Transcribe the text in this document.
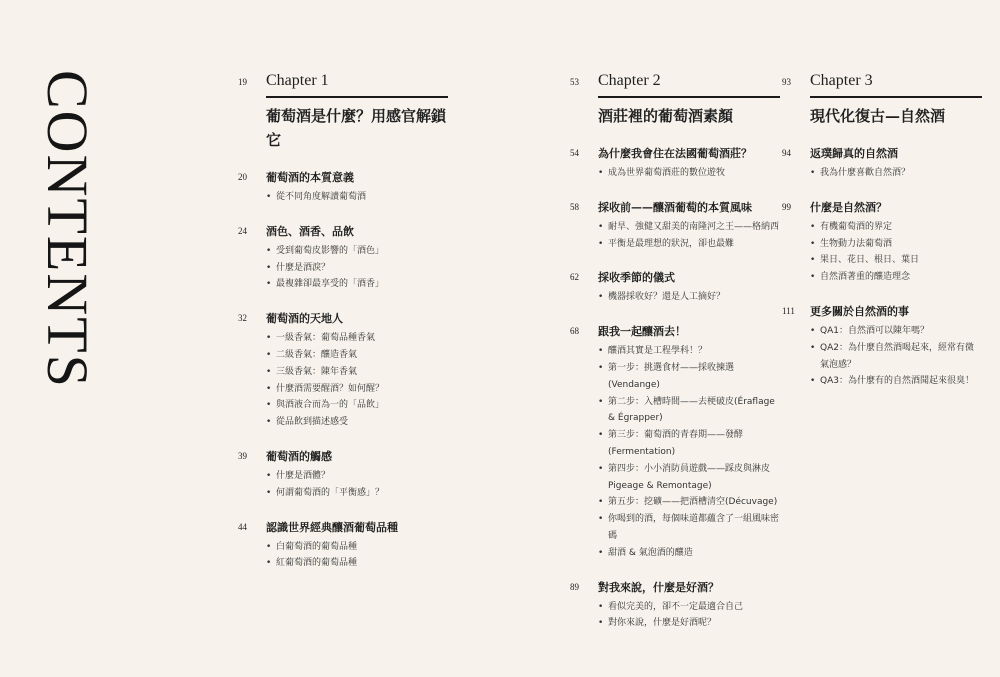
CONTENTS	19	Chapter 1
葡萄酒是什麼？用感官解鎖它
20 葡萄酒的本質意義
• 從不同角度解讀葡萄酒
24 酒色、酒香、品飲
• 受到葡萄皮影響的「酒色」
• 什麼是酒淚？
• 最複雜卻最享受的「酒香」
32 葡萄酒的天地人
• 一級香氣：葡萄品種香氣
• 二級香氣：釀造香氣
• 三級香氣：陳年香氣
• 什麼酒需要醒酒？如何醒？
• 與酒液合而為一的「品飲」
• 從品飲到描述感受
39 葡萄酒的觸感
• 什麼是酒體？
• 何謂葡萄酒的「平衡感」？
44 認識世界經典釀酒葡萄品種
• 白葡萄酒的葡萄品種
• 紅葡萄酒的葡萄品種
53	Chapter 2
酒莊裡的葡萄酒素顏
54 為什麼我會住在法國葡萄酒莊？
• 成為世界葡萄酒莊的數位遊牧
58 採收前——釀酒葡萄的本質風味
• 耐旱、強健又甜美的南隆河之王——格納西
• 平衡是最理想的狀況，卻也最難
62 採收季節的儀式
• 機器採收好？還是人工摘好？
68 跟我一起釀酒去！
• 釀酒其實是工程學科！？
• 第一步：挑選食材——採收揀選(Vendange)
• 第二步：入槽時間——去梗破皮(Éraflage & Égrapper)
• 第三步：葡萄酒的青春期——發酵(Fermentation)
• 第四步：小小消防員遊戲——踩皮與淋皮 Pigeage & Remontage)
• 第五步：挖礦——把酒槽清空(Décuvage)
• 你喝到的酒，每個味道都蘊含了一組風味密碼
• 甜酒 & 氣泡酒的釀造
89 對我來說，什麼是好酒？
• 看似完美的，卻不一定最適合自己
• 對你來說，什麼是好酒呢？
93	Chapter 3
現代化復古—自然酒
94 返璞歸真的自然酒
• 我為什麼喜歡自然酒？
99 什麼是自然酒？
• 有機葡萄酒的界定
• 生物動力法葡萄酒
• 果日、花日、根日、葉日
• 自然酒著重的釀造理念
111 更多關於自然酒的事
• QA1：自然酒可以陳年嗎？
• QA2：為什麼自然酒喝起來，經常有微氣泡感？
• QA3：為什麼有的自然酒聞起來很臭！
